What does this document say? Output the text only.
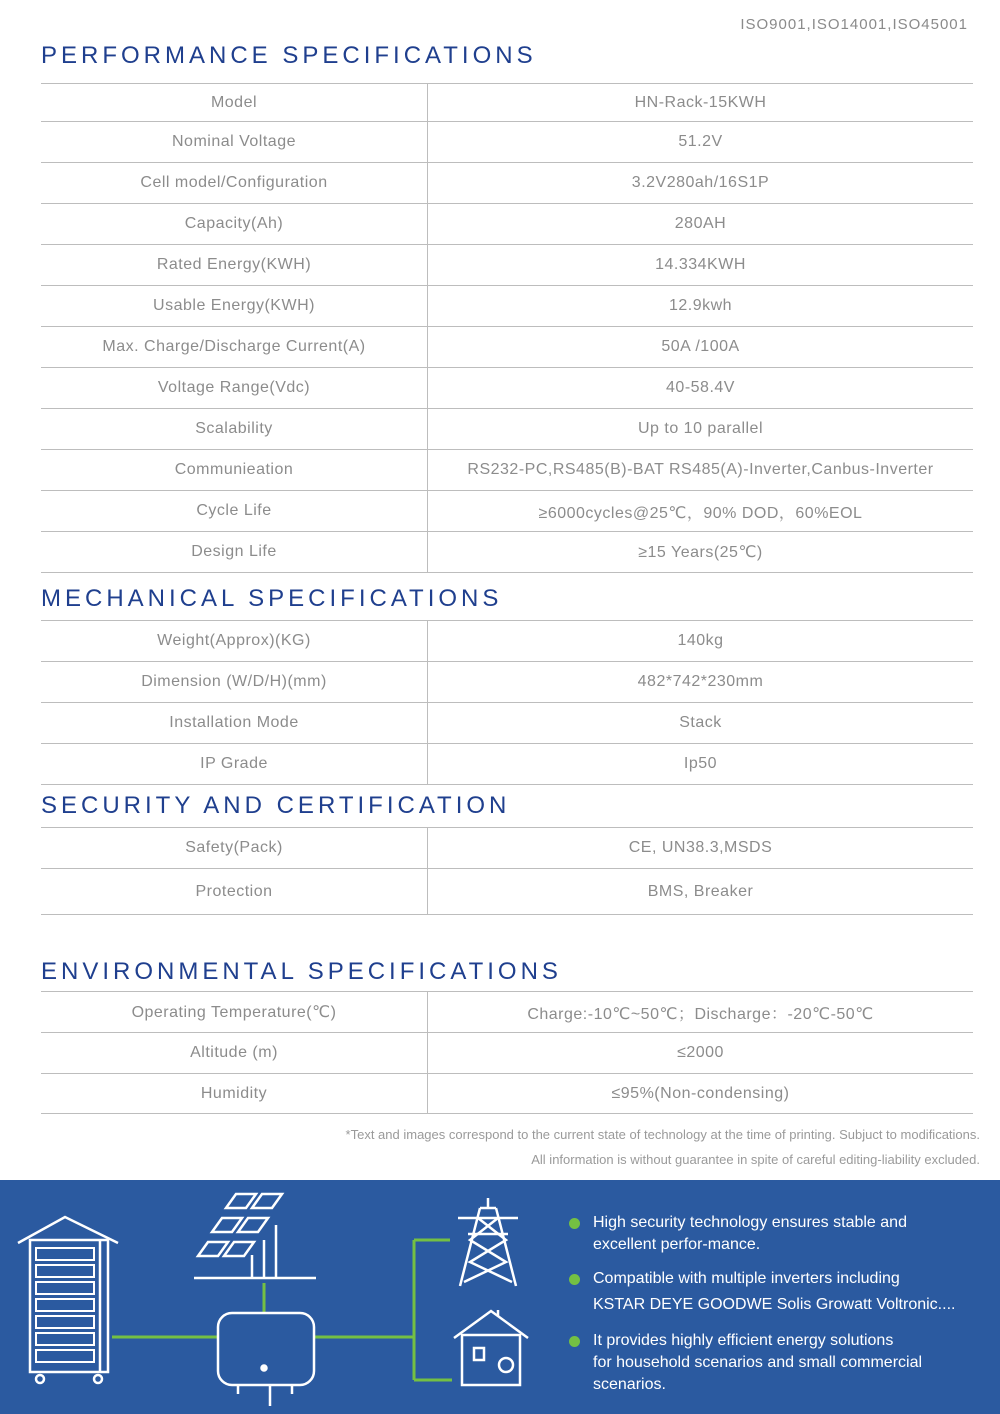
ISO9001,ISO14001,ISO45001
PERFORMANCE SPECIFICATIONS
Model	HN-Rack-15KWH
Nominal Voltage	51.2V
Cell model/Configuration	3.2V280ah/16S1P
Capacity(Ah)	280AH
Rated Energy(KWH)	14.334KWH
Usable Energy(KWH)	12.9kwh
Max. Charge/Discharge Current(A)	50A /100A
Voltage Range(Vdc)	40-58.4V
Scalability	Up to 10 parallel
Communieation	RS232-PC,RS485(B)-BAT RS485(A)-Inverter,Canbus-Inverter
Cycle Life	≥6000cycles@25℃，90% DOD，60%EOL
Design Life	≥15 Years(25℃)
MECHANICAL SPECIFICATIONS
Weight(Approx)(KG)	140kg
Dimension (W/D/H)(mm)	482*742*230mm
Installation Mode	Stack
IP Grade	Ip50
SECURITY AND CERTIFICATION
Safety(Pack)	CE, UN38.3,MSDS
Protection	BMS, Breaker
ENVIRONMENTAL SPECIFICATIONS
Operating Temperature(℃)	Charge:-10℃~50℃；Discharge：-20℃-50℃
Altitude (m)	≤2000
Humidity	≤95%(Non-condensing)
*Text and images correspond to the current state of technology at the time of printing. Subjuct to modifications.
All information is without guarantee in spite of careful editing-liability excluded.
High security technology ensures stable and
excellent perfor-mance.
Compatible with multiple inverters including
KSTAR DEYE GOODWE Solis Growatt Voltronic....
It provides highly efficient energy solutions
for household scenarios and small commercial
scenarios.
